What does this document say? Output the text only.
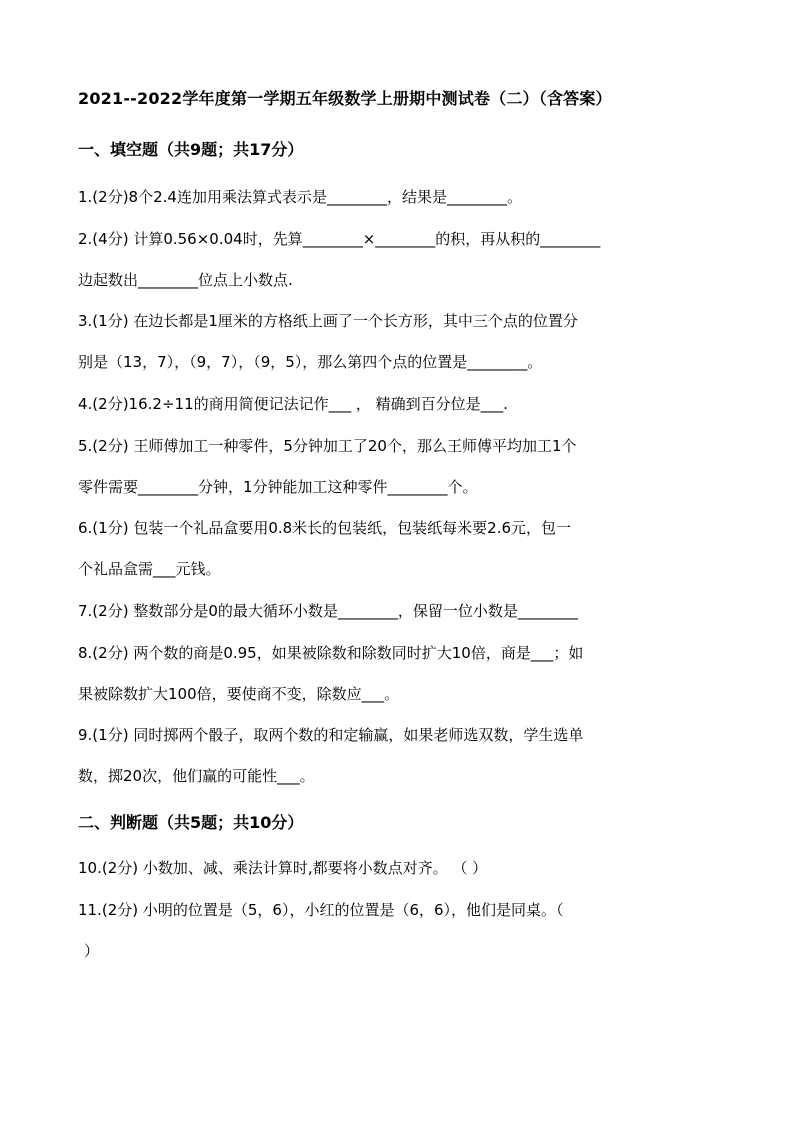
2021--2022学年度第一学期五年级数学上册期中测试卷（二）（含答案）
一、填空题（共9题；共17分）
1.(2分)8个2.4连加用乘法算式表示是________，结果是________。
2.(4分) 计算0.56×0.04时，先算________×________的积，再从积的________
边起数出________位点上小数点.
3.(1分) 在边长都是1厘米的方格纸上画了一个长方形，其中三个点的位置分
别是（13，7），（9，7），（9，5），那么第四个点的位置是________。
4.(2分)16.2÷11的商用简便记法记作___ ， 精确到百分位是___.
5.(2分) 王师傅加工一种零件，5分钟加工了20个，那么王师傅平均加工1个
零件需要________分钟，1分钟能加工这种零件________个。
6.(1分) 包装一个礼品盒要用0.8米长的包装纸，包装纸每米要2.6元，包一
个礼品盒需___元钱。
7.(2分) 整数部分是0的最大循环小数是________，保留一位小数是________
8.(2分) 两个数的商是0.95，如果被除数和除数同时扩大10倍，商是___；如
果被除数扩大100倍，要使商不变，除数应___。
9.(1分) 同时掷两个骰子，取两个数的和定输赢，如果老师选双数，学生选单
数，掷20次，他们赢的可能性___。
二、判断题（共5题；共10分）
10.(2分) 小数加、减、乘法计算时,都要将小数点对齐。 （ ）
11.(2分) 小明的位置是（5，6），小红的位置是（6，6），他们是同桌。（
）
